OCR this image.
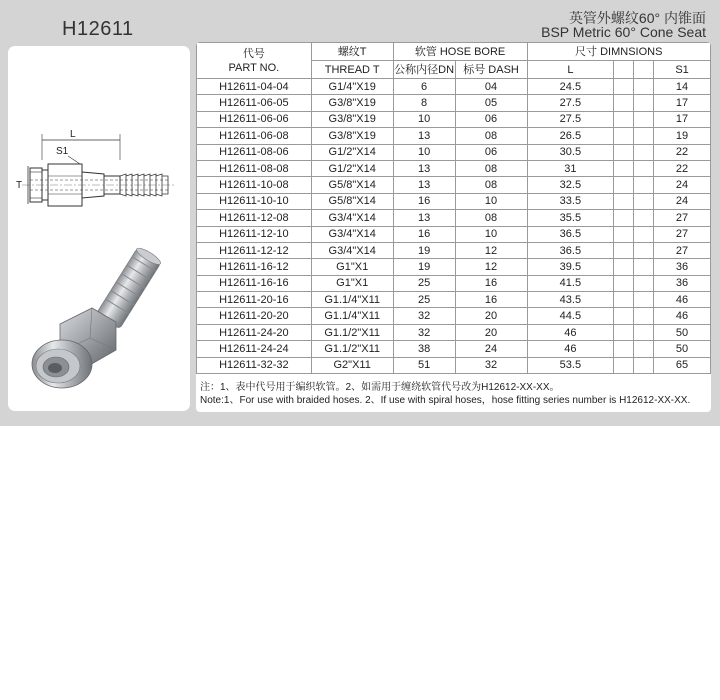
H12611	英管外螺纹60° 内锥面
BSP Metric 60° Cone Seat
L
S1
T
代号
PART NO.	螺纹T	软管 HOSE BORE		尺寸 DIMNSIONS			
	THREAD T	公称内径DN	标号 DASH	L			S1
H12611-04-04	G1/4"X19	6	04	24.5			14
H12611-06-05	G3/8"X19	8	05	27.5			17
H12611-06-06	G3/8"X19	10	06	27.5			17
H12611-06-08	G3/8"X19	13	08	26.5			19
H12611-08-06	G1/2"X14	10	06	30.5			22
H12611-08-08	G1/2"X14	13	08	31			22
H12611-10-08	G5/8"X14	13	08	32.5			24
H12611-10-10	G5/8"X14	16	10	33.5			24
H12611-12-08	G3/4"X14	13	08	35.5			27
H12611-12-10	G3/4"X14	16	10	36.5			27
H12611-12-12	G3/4"X14	19	12	36.5			27
H12611-16-12	G1"X1	19	12	39.5			36
H12611-16-16	G1"X1	25	16	41.5			36
H12611-20-16	G1.1/4"X11	25	16	43.5			46
H12611-20-20	G1.1/4"X11	32	20	44.5			46
H12611-24-20	G1.1/2"X11	32	20	46			50
H12611-24-24	G1.1/2"X11	38	24	46			50
H12611-32-32	G2"X11	51	32	53.5			65
注：1、表中代号用于编织软管。2、如需用于缠绕软管代号改为H12612-XX-XX。
Note:1、For use with braided hoses. 2、If use with spiral hoses，hose fitting series number is H12612-XX-XX.
